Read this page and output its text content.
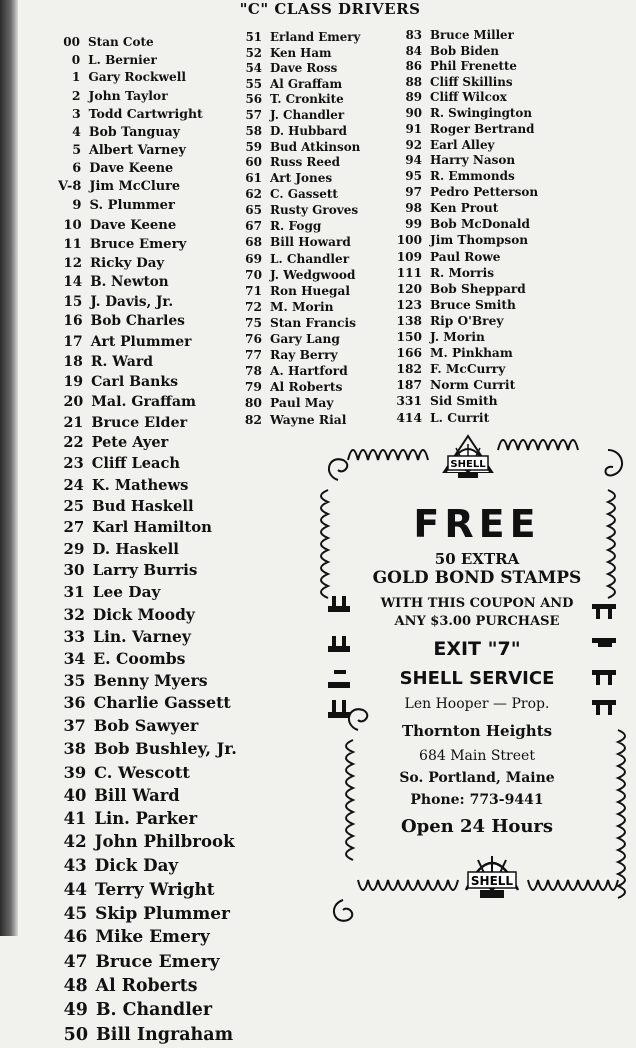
"C" CLASS DRIVERS
00 Stan Cote
0 L. Bernier
1 Gary Rockwell
2 John Taylor
3 Todd Cartwright
4 Bob Tanguay
5 Albert Varney
6 Dave Keene
V-8 Jim McClure
9 S. Plummer
10 Dave Keene
11 Bruce Emery
12 Ricky Day
14 B. Newton
15 J. Davis, Jr.
16 Bob Charles
17 Art Plummer
18 R. Ward
19 Carl Banks
20 Mal. Graffam
21 Bruce Elder
22 Pete Ayer
23 Cliff Leach
24 K. Mathews
25 Bud Haskell
27 Karl Hamilton
29 D. Haskell
30 Larry Burris
31 Lee Day
32 Dick Moody
33 Lin. Varney
34 E. Coombs
35 Benny Myers
36 Charlie Gassett
37 Bob Sawyer
38 Bob Bushley, Jr.
39 C. Wescott
40 Bill Ward
41 Lin. Parker
42 John Philbrook
43 Dick Day
44 Terry Wright
45 Skip Plummer
46 Mike Emery
47 Bruce Emery
48 Al Roberts
49 B. Chandler
50 Bill Ingraham
51 Erland Emery
52 Ken Ham
54 Dave Ross
55 Al Graffam
56 T. Cronkite
57 J. Chandler
58 D. Hubbard
59 Bud Atkinson
60 Russ Reed
61 Art Jones
62 C. Gassett
65 Rusty Groves
67 R. Fogg
68 Bill Howard
69 L. Chandler
70 J. Wedgwood
71 Ron Huegal
72 M. Morin
75 Stan Francis
76 Gary Lang
77 Ray Berry
78 A. Hartford
79 Al Roberts
80 Paul May
82 Wayne Rial
83 Bruce Miller
84 Bob Biden
86 Phil Frenette
88 Cliff Skillins
89 Cliff Wilcox
90 R. Swingington
91 Roger Bertrand
92 Earl Alley
94 Harry Nason
95 R. Emmonds
97 Pedro Petterson
98 Ken Prout
99 Bob McDonald
100 Jim Thompson
109 Paul Rowe
111 R. Morris
120 Bob Sheppard
123 Bruce Smith
138 Rip O'Brey
150 J. Morin
166 M. Pinkham
182 F. McCurry
187 Norm Currit
331 Sid Smith
414 L. Currit
SHELL
FREE
50 EXTRA
GOLD BOND STAMPS
WITH THIS COUPON AND
ANY $3.00 PURCHASE
EXIT "7"
SHELL SERVICE
Len Hooper — Prop.
Thornton Heights
684 Main Street
So. Portland, Maine
Phone: 773-9441
Open 24 Hours
SHELL
